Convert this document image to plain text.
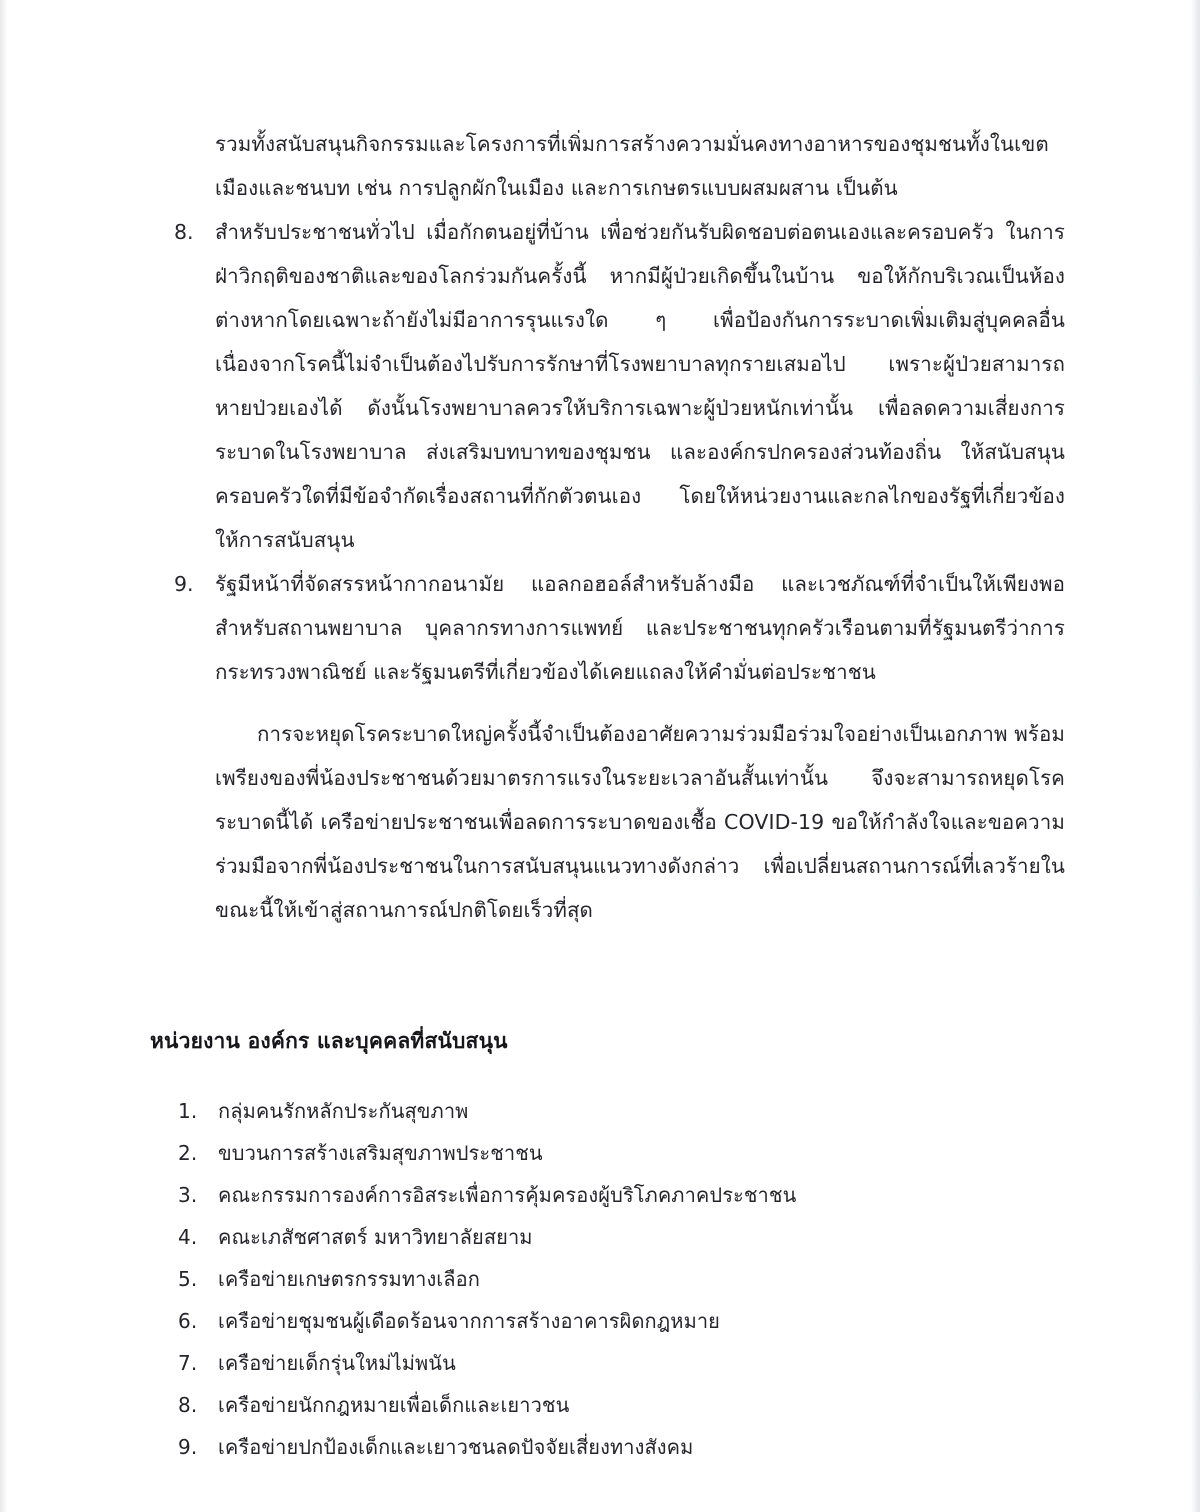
รวมทั้งสนับสนุนกิจกรรมและโครงการที่เพิ่มการสร้างความมั่นคงทางอาหารของชุมชนทั้งในเขตเมืองและชนบท เช่น การปลูกผักในเมือง และการเกษตรแบบผสมผสาน เป็นต้น

8.	สำหรับประชาชนทั่วไป เมื่อกักตนอยู่ที่บ้าน เพื่อช่วยกันรับผิดชอบต่อตนเองและครอบครัว ในการฝ่าวิกฤติของชาติและของโลกร่วมกันครั้งนี้ หากมีผู้ป่วยเกิดขึ้นในบ้าน ขอให้กักบริเวณเป็นห้องต่างหากโดยเฉพาะถ้ายังไม่มีอาการรุนแรงใด ๆ เพื่อป้องกันการระบาดเพิ่มเติมสู่บุคคลอื่น เนื่องจากโรคนี้ไม่จำเป็นต้องไปรับการรักษาที่โรงพยาบาลทุกรายเสมอไป เพราะผู้ป่วยสามารถหายป่วยเองได้ ดังนั้นโรงพยาบาลควรให้บริการเฉพาะผู้ป่วยหนักเท่านั้น เพื่อลดความเสี่ยงการระบาดในโรงพยาบาล ส่งเสริมบทบาทของชุมชน และองค์กรปกครองส่วนท้องถิ่น ให้สนับสนุนครอบครัวใดที่มีข้อจำกัดเรื่องสถานที่กักตัวตนเอง โดยให้หน่วยงานและกลไกของรัฐที่เกี่ยวข้องให้การสนับสนุน
9.	รัฐมีหน้าที่จัดสรรหน้ากากอนามัย แอลกอฮอล์สำหรับล้างมือ และเวชภัณฑ์ที่จำเป็นให้เพียงพอสำหรับสถานพยาบาล บุคลากรทางการแพทย์ และประชาชนทุกครัวเรือนตามที่รัฐมนตรีว่าการกระทรวงพาณิชย์ และรัฐมนตรีที่เกี่ยวข้องได้เคยแถลงให้คำมั่นต่อประชาชน

การจะหยุดโรคระบาดใหญ่ครั้งนี้จำเป็นต้องอาศัยความร่วมมือร่วมใจอย่างเป็นเอกภาพ พร้อมเพรียงของพี่น้องประชาชนด้วยมาตรการแรงในระยะเวลาอันสั้นเท่านั้น จึงจะสามารถหยุดโรคระบาดนี้ได้ เครือข่ายประชาชนเพื่อลดการระบาดของเชื้อ COVID-19 ขอให้กำลังใจและขอความร่วมมือจากพี่น้องประชาชนในการสนับสนุนแนวทางดังกล่าว เพื่อเปลี่ยนสถานการณ์ที่เลวร้ายในขณะนี้ให้เข้าสู่สถานการณ์ปกติโดยเร็วที่สุด

หน่วยงาน องค์กร และบุคคลที่สนับสนุน
1.	กลุ่มคนรักหลักประกันสุขภาพ
2.	ขบวนการสร้างเสริมสุขภาพประชาชน
3.	คณะกรรมการองค์การอิสระเพื่อการคุ้มครองผู้บริโภคภาคประชาชน
4.	คณะเภสัชศาสตร์ มหาวิทยาลัยสยาม
5.	เครือข่ายเกษตรกรรมทางเลือก
6.	เครือข่ายชุมชนผู้เดือดร้อนจากการสร้างอาคารผิดกฎหมาย
7.	เครือข่ายเด็กรุ่นใหม่ไม่พนัน
8.	เครือข่ายนักกฎหมายเพื่อเด็กและเยาวชน
9.	เครือข่ายปกป้องเด็กและเยาวชนลดปัจจัยเสี่ยงทางสังคม
